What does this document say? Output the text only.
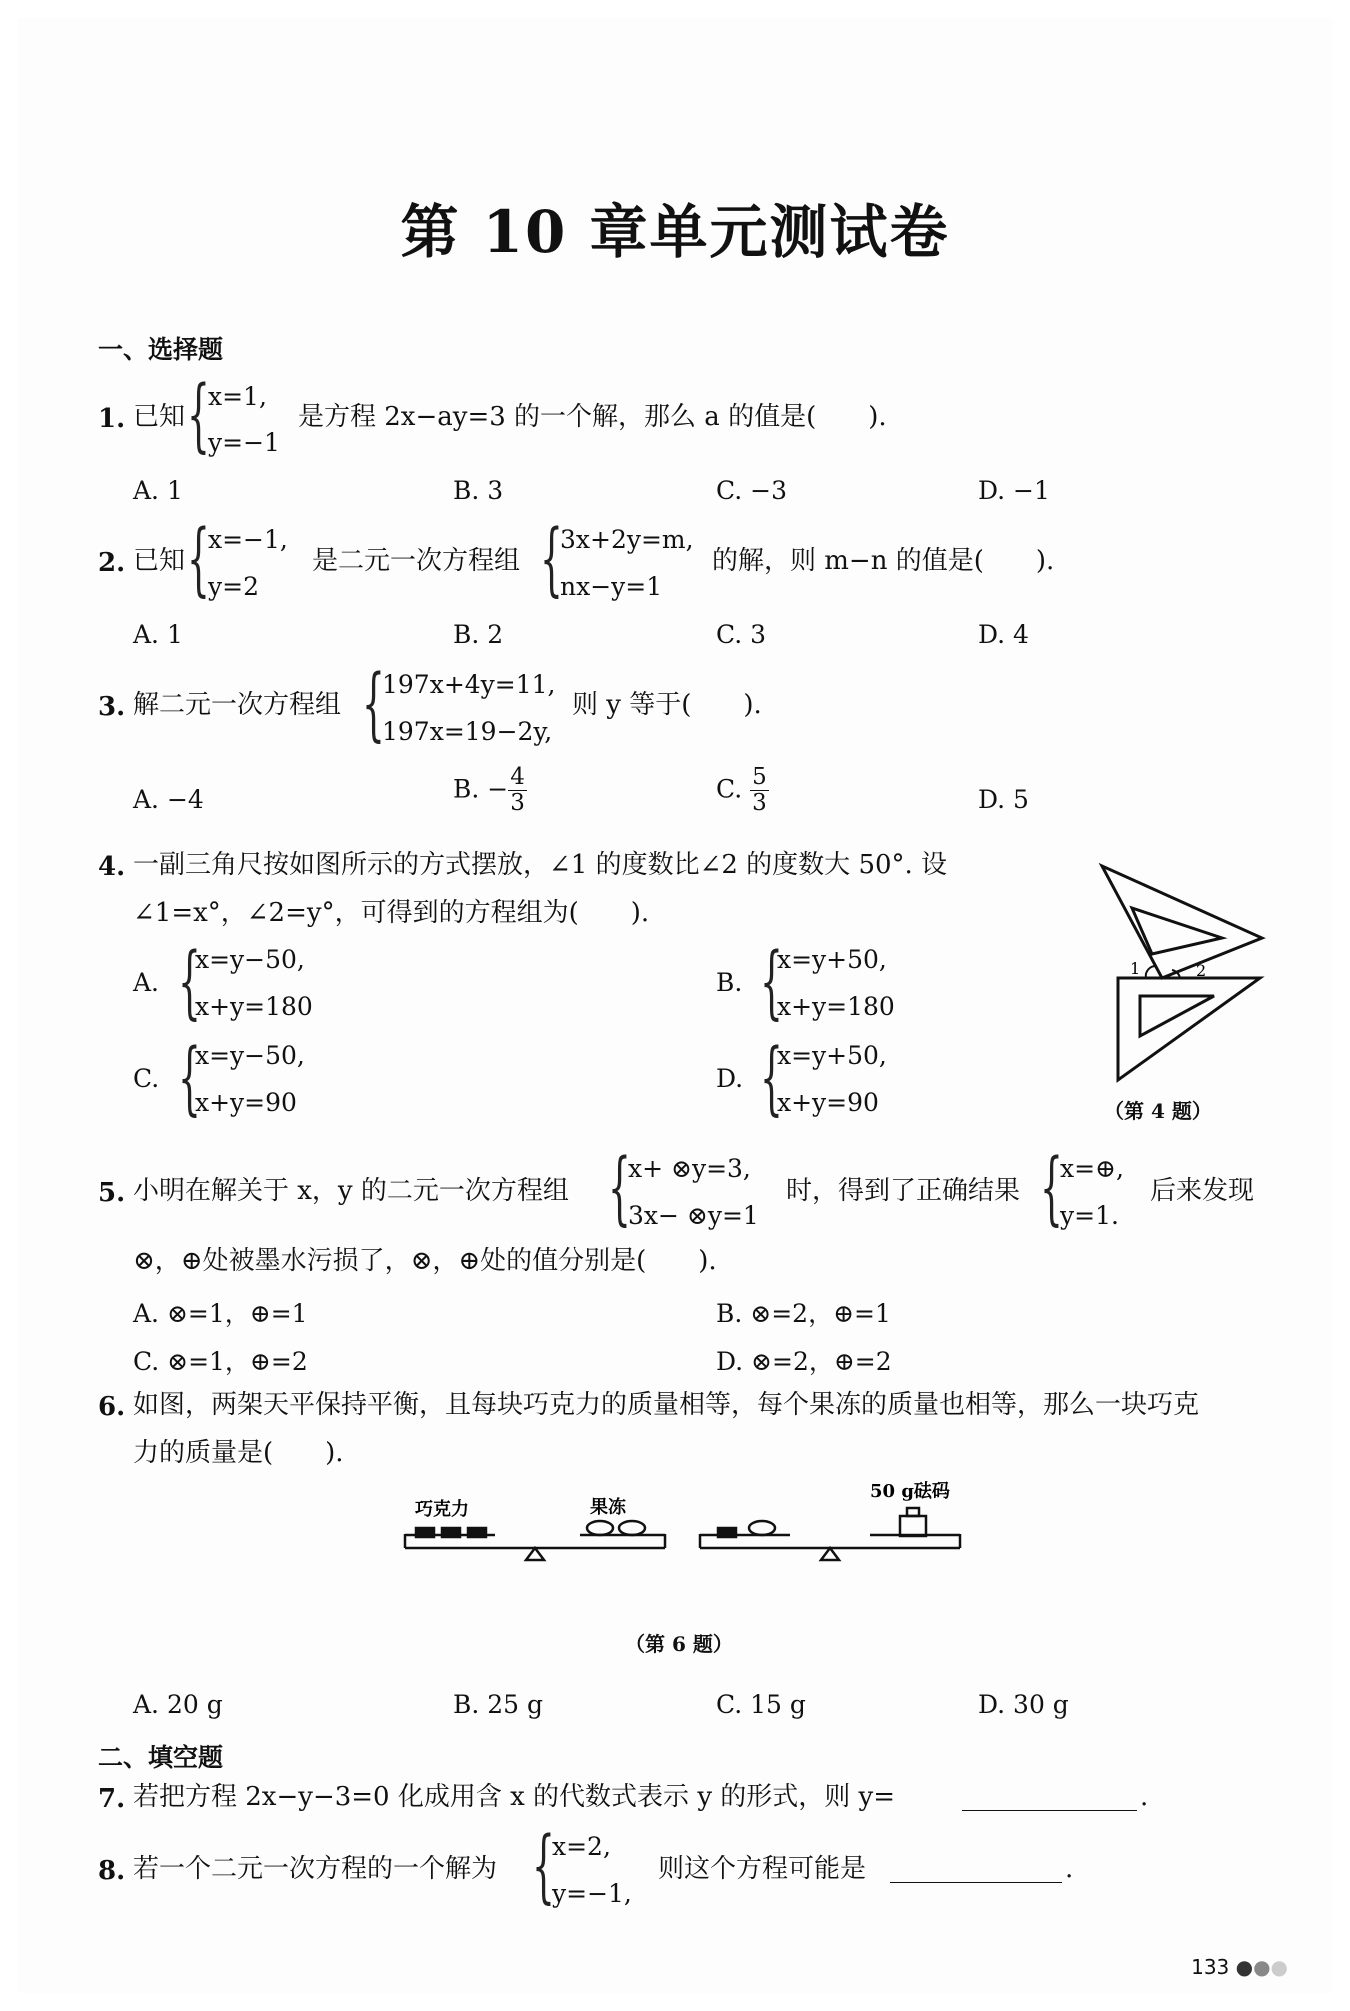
第 10 章单元测试卷
一、选择题
1. 已知 {
x=1,
y=−1
是方程 2x−ay=3 的一个解，那么 a 的值是(　　).
A. 1	B. 3	C. −3	D. −1
2. 已知 {
x=−1,
y=2
是二元一次方程组 {
3x+2y=m,
nx−y=1
的解，则 m−n 的值是(　　).
A. 1	B. 2	C. 3	D. 4
3. 解二元一次方程组 {
197x+4y=11,
197x=19−2y,
则 y 等于(　　).
A. −4	B. − $\frac{4}{3}$	C. $\frac{5}{3}$	D. 5
4. 一副三角尺按如图所示的方式摆放，∠1 的度数比∠2 的度数大 50°. 设
∠1=x°，∠2=y°，可得到的方程组为(　　).
A. {
x=y−50,
x+y=180
B. {
x=y+50,
x+y=180
C. {
x=y−50,
x+y=90
D. {
x=y+50,
x+y=90
1	2
（第 4 题）
5. 小明在解关于 x，y 的二元一次方程组 {
x+ ⊗y=3,
3x− ⊗y=1
时，得到了正确结果 {
x=⊕,
y=1.
后来发现
⊗，⊕处被墨水污损了，⊗，⊕处的值分别是(　　).
A. ⊗=1，⊕=1	B. ⊗=2，⊕=1
C. ⊗=1，⊕=2	D. ⊗=2，⊕=2
6. 如图，两架天平保持平衡，且每块巧克力的质量相等，每个果冻的质量也相等，那么一块巧克
力的质量是(　　).
巧克力	果冻
50 g砝码
（第 6 题）
A. 20 g	B. 25 g	C. 15 g	D. 30 g
二、填空题
7. 若把方程 2x−y−3=0 化成用含 x 的代数式表示 y 的形式，则 y=	.
8. 若一个二元一次方程的一个解为 {
x=2,
y=−1,
则这个方程可能是	.
133 ●●●
